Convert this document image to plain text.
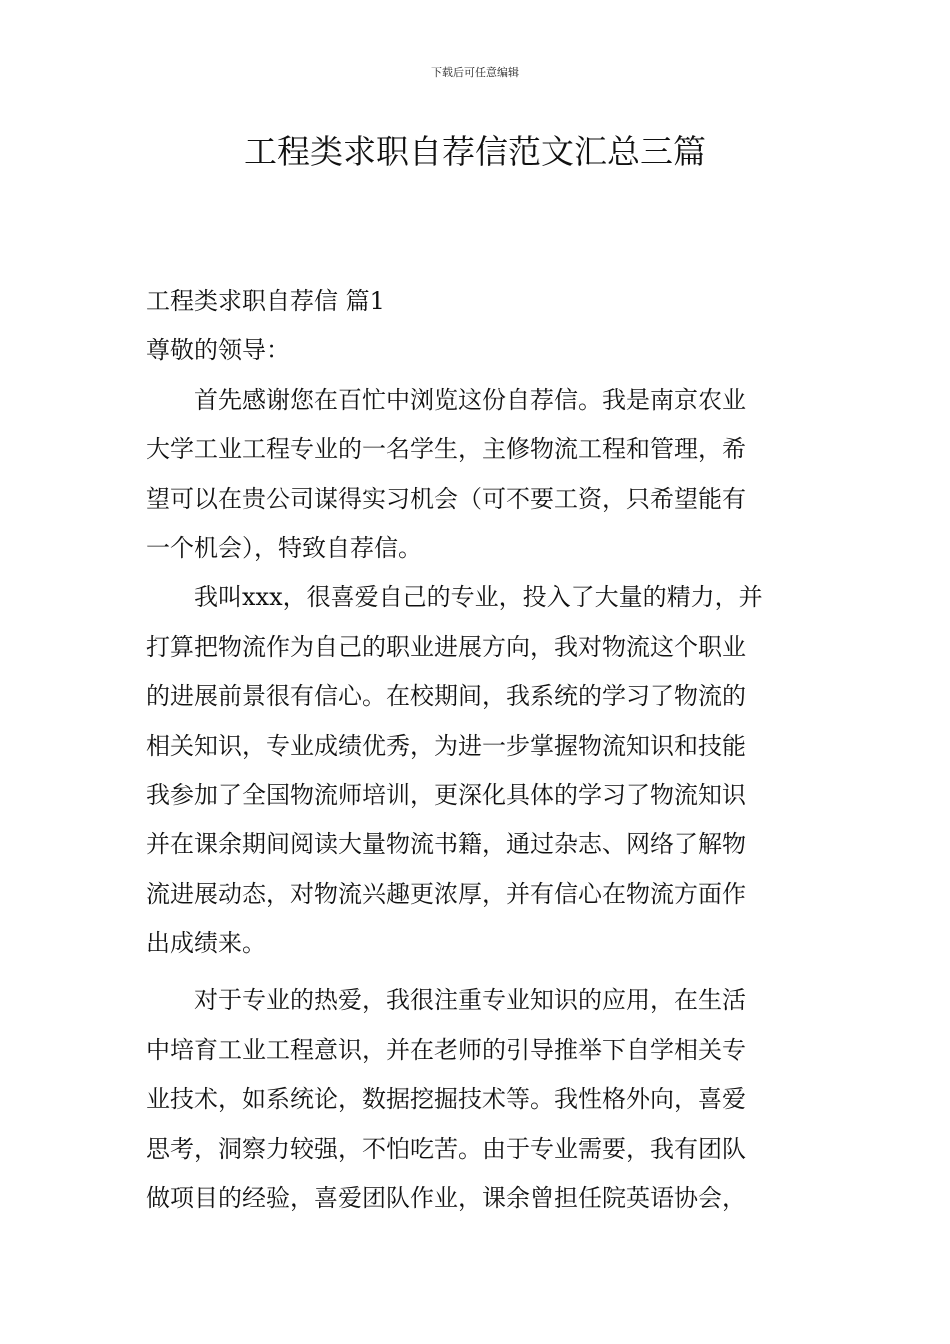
下载后可任意编辑
工程类求职自荐信范文汇总三篇
工程类求职自荐信 篇1
尊敬的领导：
首先感谢您在百忙中浏览这份自荐信。我是南京农业
大学工业工程专业的一名学生，主修物流工程和管理，希
望可以在贵公司谋得实习机会（可不要工资，只希望能有
一个机会），特致自荐信。
我叫xxx，很喜爱自己的专业，投入了大量的精力，并
打算把物流作为自己的职业进展方向，我对物流这个职业
的进展前景很有信心。在校期间，我系统的学习了物流的
相关知识，专业成绩优秀，为进一步掌握物流知识和技能
我参加了全国物流师培训，更深化具体的学习了物流知识
并在课余期间阅读大量物流书籍，通过杂志、网络了解物
流进展动态，对物流兴趣更浓厚，并有信心在物流方面作
出成绩来。
对于专业的热爱，我很注重专业知识的应用，在生活
中培育工业工程意识，并在老师的引导推举下自学相关专
业技术，如系统论，数据挖掘技术等。我性格外向，喜爱
思考，洞察力较强，不怕吃苦。由于专业需要，我有团队
做项目的经验，喜爱团队作业，课余曾担任院英语协会，
